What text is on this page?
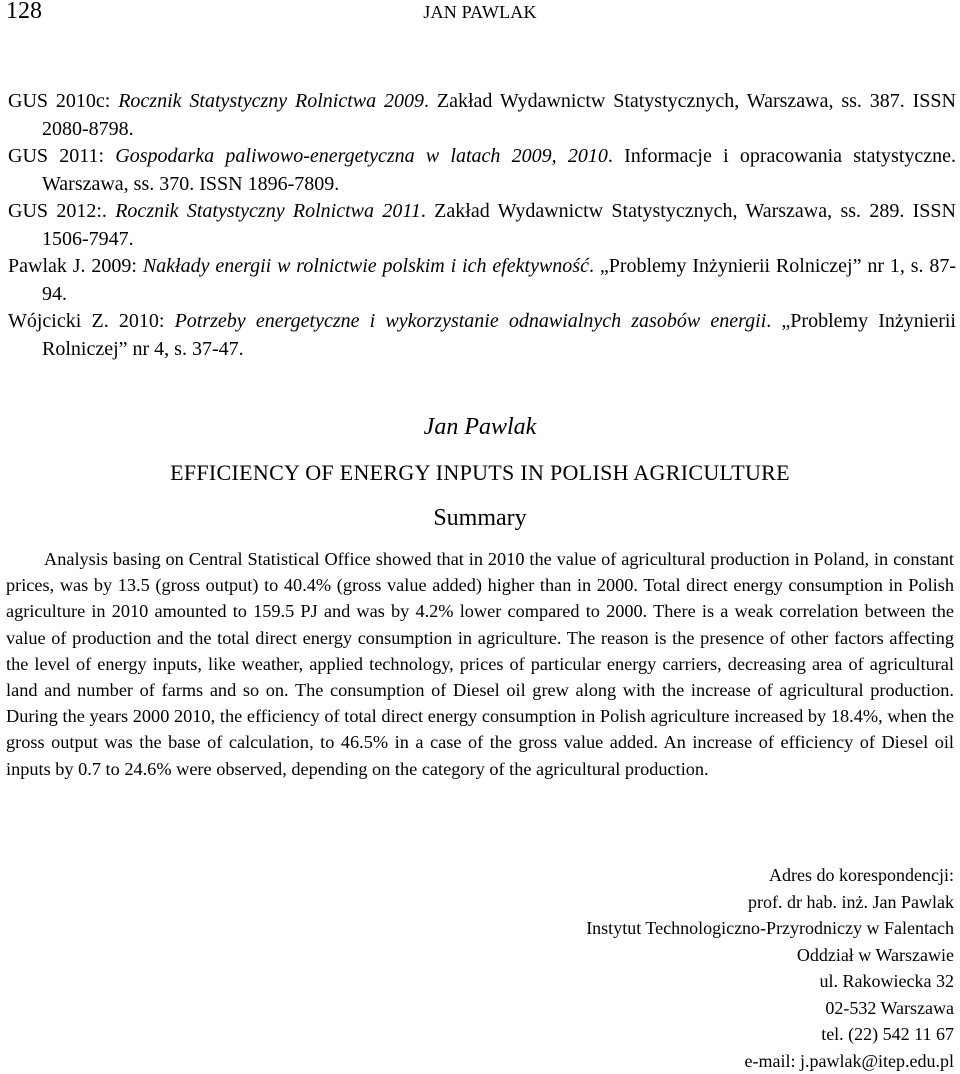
128	JAN PAWLAK
GUS 2010c: Rocznik Statystyczny Rolnictwa 2009. Zakład Wydawnictw Statystycznych, Warszawa, ss. 387. ISSN 2080-8798.
GUS 2011: Gospodarka paliwowo-energetyczna w latach 2009, 2010. Informacje i opracowania statystyczne. Warszawa, ss. 370. ISSN 1896-7809.
GUS 2012:. Rocznik Statystyczny Rolnictwa 2011. Zakład Wydawnictw Statystycznych, Warszawa, ss. 289. ISSN 1506-7947.
Pawlak J. 2009: Nakłady energii w rolnictwie polskim i ich efektywność. „Problemy Inżynierii Rolniczej” nr 1, s. 87-94.
Wójcicki Z. 2010: Potrzeby energetyczne i wykorzystanie odnawialnych zasobów energii. „Problemy Inżynierii Rolniczej” nr 4, s. 37-47.

Jan Pawlak

EFFICIENCY OF ENERGY INPUTS IN POLISH AGRICULTURE

Summary

Analysis basing on Central Statistical Office showed that in 2010 the value of agricultural production in Poland, in constant prices, was by 13.5 (gross output) to 40.4% (gross value added) higher than in 2000. Total direct energy consumption in Polish agriculture in 2010 amounted to 159.5 PJ and was by 4.2% lower compared to 2000. There is a weak correlation between the value of production and the total direct energy consumption in agriculture. The reason is the presence of other factors affecting the level of energy inputs, like weather, applied technology, prices of particular energy carriers, decreasing area of agricultural land and number of farms and so on. The consumption of Diesel oil grew along with the increase of agricultural production. During the years 2000 2010, the efficiency of total direct energy consumption in Polish agriculture increased by 18.4%, when the gross output was the base of calculation, to 46.5% in a case of the gross value added. An increase of efficiency of Diesel oil inputs by 0.7 to 24.6% were observed, depending on the category of the agricultural production.

Adres do korespondencji:
prof. dr hab. inż. Jan Pawlak
Instytut Technologiczno-Przyrodniczy w Falentach
Oddział w Warszawie
ul. Rakowiecka 32
02-532 Warszawa
tel. (22) 542 11 67
e-mail: j.pawlak@itep.edu.pl
